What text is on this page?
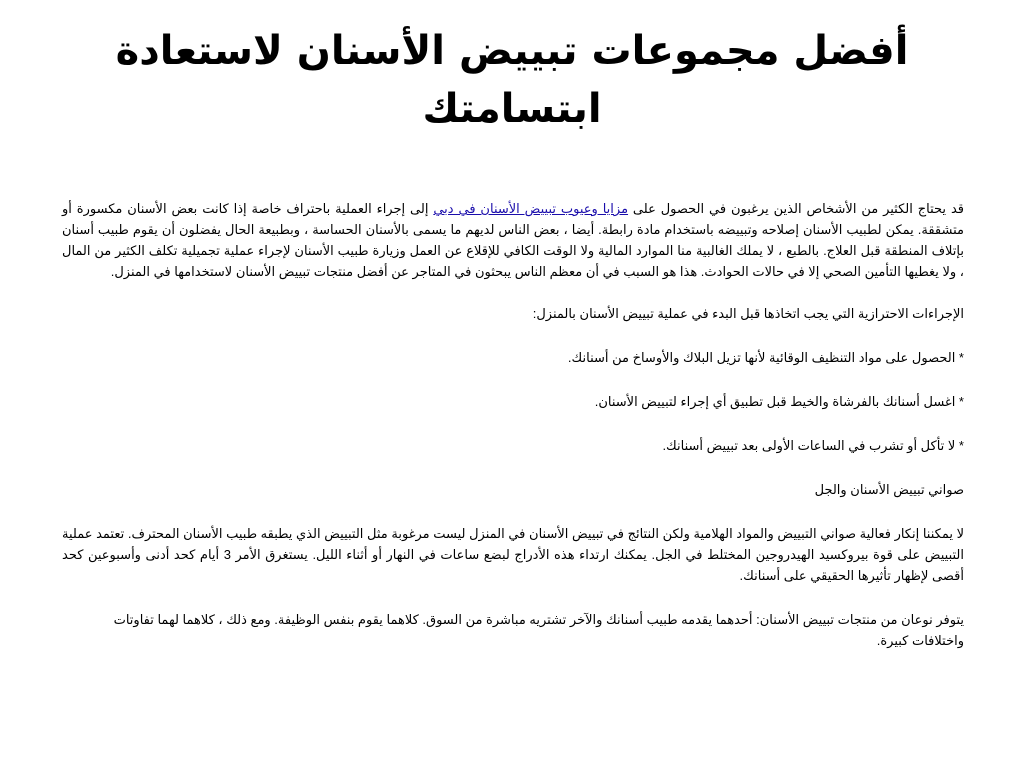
أفضل مجموعات تبييض الأسنان لاستعادة ابتسامتك

قد يحتاج الكثير من الأشخاص الذين يرغبون في الحصول على مزايا وعيوب تبييض الأسنان في دبي إلى إجراء العملية باحتراف خاصة إذا كانت بعض الأسنان مكسورة أو متشققة. يمكن لطبيب الأسنان إصلاحه وتبييضه باستخدام مادة رابطة. أيضا ، بعض الناس لديهم ما يسمى بالأسنان الحساسة ، وبطبيعة الحال يفضلون أن يقوم طبيب أسنان بإتلاف المنطقة قبل العلاج. بالطبع ، لا يملك الغالبية منا الموارد المالية ولا الوقت الكافي للإقلاع عن العمل وزيارة طبيب الأسنان لإجراء عملية تجميلية تكلف الكثير من المال ، ولا يغطيها التأمين الصحي إلا في حالات الحوادث. هذا هو السبب في أن معظم الناس يبحثون في المتاجر عن أفضل منتجات تبييض الأسنان لاستخدامها في المنزل.

الإجراءات الاحترازية التي يجب اتخاذها قبل البدء في عملية تبييض الأسنان بالمنزل:

* الحصول على مواد التنظيف الوقائية لأنها تزيل البلاك والأوساخ من أسنانك.

* اغسل أسنانك بالفرشاة والخيط قبل تطبيق أي إجراء لتبييض الأسنان.

* لا تأكل أو تشرب في الساعات الأولى بعد تبييض أسنانك.

صواني تبييض الأسنان والجل

لا يمكننا إنكار فعالية صواني التبييض والمواد الهلامية ولكن النتائج في تبييض الأسنان في المنزل ليست مرغوبة مثل التبييض الذي يطبقه طبيب الأسنان المحترف. تعتمد عملية التبييض على قوة بيروكسيد الهيدروجين المختلط في الجل. يمكنك ارتداء هذه الأدراج لبضع ساعات في النهار أو أثناء الليل. يستغرق الأمر 3 أيام كحد أدنى وأسبوعين كحد أقصى لإظهار تأثيرها الحقيقي على أسنانك.

يتوفر نوعان من منتجات تبييض الأسنان: أحدهما يقدمه طبيب أسنانك والآخر تشتريه مباشرة من السوق. كلاهما يقوم بنفس الوظيفة. ومع ذلك ، كلاهما لهما تفاوتات واختلافات كبيرة.
